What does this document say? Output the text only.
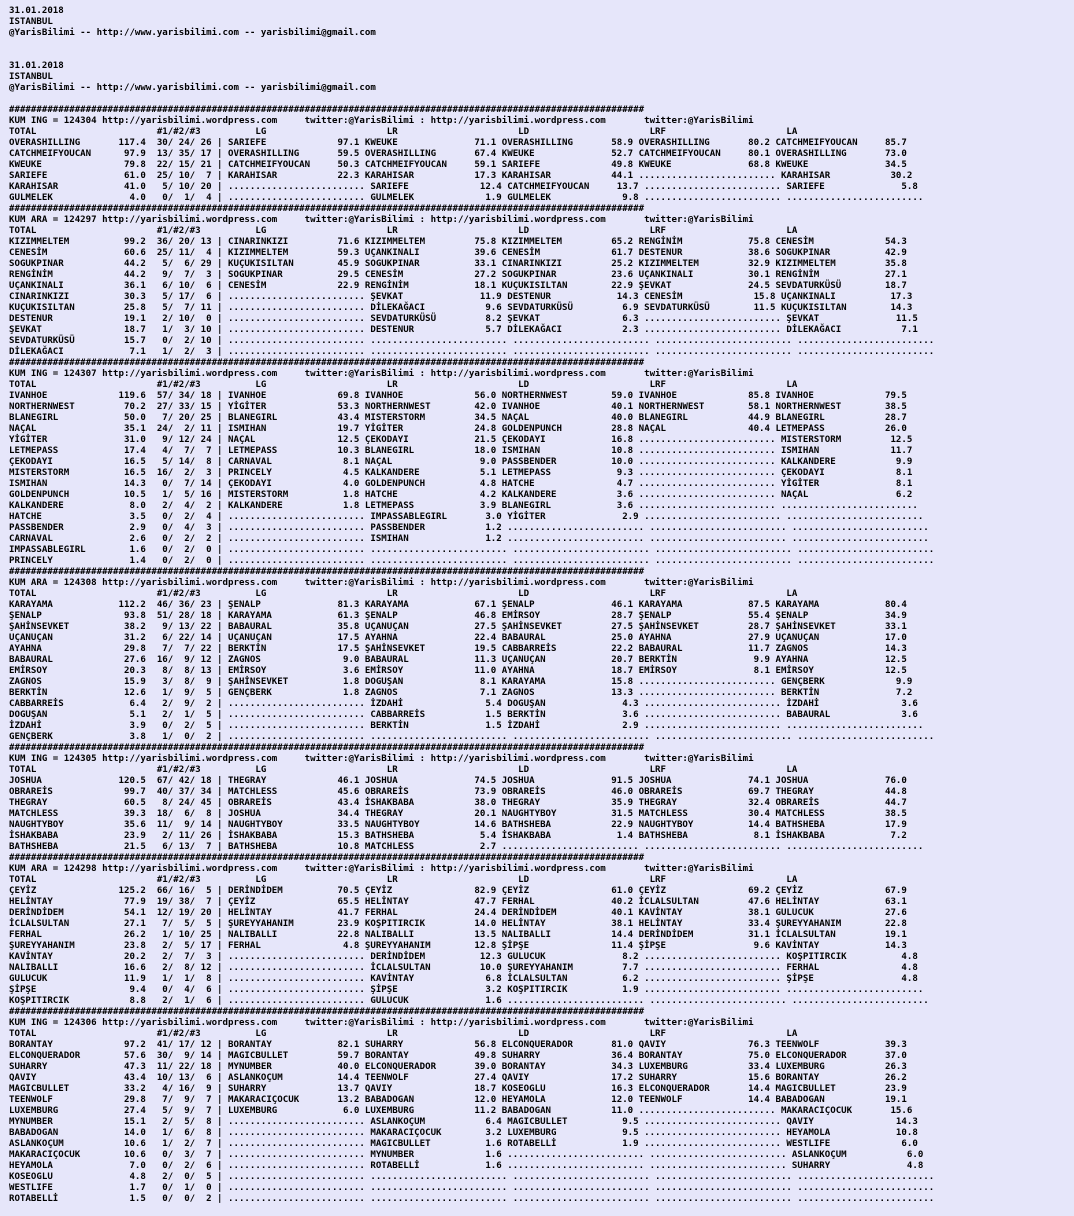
31.01.2018
ISTANBUL
@YarisBilimi -- http://www.yarisbilimi.com -- yarisbilimi@gmail.com

31.01.2018
ISTANBUL
@YarisBilimi -- http://www.yarisbilimi.com -- yarisbilimi@gmail.com

####################################################################################################################
KUM ING = 124304 http://yarisbilimi.wordpress.com     twitter:@YarisBilimi : http://yarisbilimi.wordpress.com       twitter:@YarisBilimi
TOTAL                      #1/#2/#3          LG                      LR                      LD                      LRF                      LA
OVERASHILLING       117.4  30/ 24/ 26 | SARIEFE             97.1 KWEUKE              71.1 OVERASHILLING       58.9 OVERASHILLING       80.2 CATCHMEIFYOUCAN     85.7
CATCHMEIFYOUCAN      97.9  13/ 35/ 17 | OVERASHILLING       59.5 OVERASHILLING       67.4 KWEUKE              52.7 CATCHMEIFYOUCAN     80.1 OVERASHILLING       73.0
KWEUKE               79.8  22/ 15/ 21 | CATCHMEIFYOUCAN     50.3 CATCHMEIFYOUCAN     59.1 SARIEFE             49.8 KWEUKE              68.8 KWEUKE              34.5
SARIEFE              61.0  25/ 10/  7 | KARAHISAR           22.3 KARAHISAR           17.3 KARAHISAR           44.1 ......................... KARAHISAR           30.2
KARAHISAR            41.0   5/ 10/ 20 | ......................... SARIEFE             12.4 CATCHMEIFYOUCAN     13.7 ......................... SARIEFE              5.8
GULMELEK              4.0   0/  1/  4 | ......................... GULMELEK             1.9 GULMELEK             9.8 ......................... .........................
####################################################################################################################
KUM ARA = 124297 http://yarisbilimi.wordpress.com     twitter:@YarisBilimi : http://yarisbilimi.wordpress.com       twitter:@YarisBilimi
TOTAL                      #1/#2/#3          LG                      LR                      LD                      LRF                      LA
KIZIMMELTEM          99.2  36/ 20/ 13 | CINARINKIZI         71.6 KIZIMMELTEM         75.8 KIZIMMELTEM         65.2 RENGİNİM            75.8 CENESİM             54.3
CENESİM              60.6  25/ 11/  4 | KIZIMMELTEM         59.3 UÇANKINALI          39.6 CENESİM             61.7 DESTENUR            38.6 SOGUKPINAR          42.9
SOGUKPINAR           44.2   5/  6/ 29 | KUÇUKISILTAN        45.9 SOGUKPINAR          33.1 CINARINKIZI         25.2 KIZIMMELTEM         32.9 KIZIMMELTEM         35.8
RENGİNİM             44.2   9/  7/  3 | SOGUKPINAR          29.5 CENESİM             27.2 SOGUKPINAR          23.6 UÇANKINALI          30.1 RENGİNİM            27.1
UÇANKINALI           36.1   6/ 10/  6 | CENESİM             22.9 RENGİNİM            18.1 KUÇUKISILTAN        22.9 ŞEVKAT              24.5 SEVDATURKÜSÜ        18.7
CINARINKIZI          30.3   5/ 17/  6 | ......................... ŞEVKAT              11.9 DESTENUR            14.3 CENESİM             15.8 UÇANKINALI          17.3
KUÇUKISILTAN         25.8   5/  7/ 11 | ......................... DİLEKAĞACI           9.6 SEVDATURKÜSÜ         6.9 SEVDATURKÜSÜ        11.5 KUÇUKISILTAN        14.3
DESTENUR             19.1   2/ 10/  0 | ......................... SEVDATURKÜSÜ         8.2 ŞEVKAT               6.3 ......................... ŞEVKAT              11.5
ŞEVKAT               18.7   1/  3/ 10 | ......................... DESTENUR             5.7 DİLEKAĞACI           2.3 ......................... DİLEKAĞACI           7.1
SEVDATURKÜSÜ         15.7   0/  2/ 10 | ......................... ......................... ......................... ......................... .........................
DİLEKAĞACI            7.1   1/  2/  3 | ......................... ......................... ......................... ......................... .........................
####################################################################################################################
KUM ING = 124307 http://yarisbilimi.wordpress.com     twitter:@YarisBilimi : http://yarisbilimi.wordpress.com       twitter:@YarisBilimi
TOTAL                      #1/#2/#3          LG                      LR                      LD                      LRF                      LA
IVANHOE             119.6  57/ 34/ 18 | IVANHOE             69.8 IVANHOE             56.0 NORTHERNWEST        59.0 IVANHOE             85.8 IVANHOE             79.5
NORTHERNWEST         70.2  27/ 33/ 15 | YİGİTER             53.3 NORTHERNWEST        42.0 IVANHOE             40.1 NORTHERNWEST        58.1 NORTHERNWEST        38.5
BLANEGIRL            50.0   7/ 20/ 25 | BLANEGIRL           43.4 MISTERSTORM         34.5 NAÇAL               40.0 BLANEGIRL           44.9 BLANEGIRL           28.7
NAÇAL                35.1  24/  2/ 11 | ISMIHAN             19.7 YİGİTER             24.8 GOLDENPUNCH         28.8 NAÇAL               40.4 LETMEPASS           26.0
YİGİTER              31.0   9/ 12/ 24 | NAÇAL               12.5 ÇEKODAYI            21.5 ÇEKODAYI            16.8 ......................... MISTERSTORM         12.5
LETMEPASS            17.4   4/  7/  7 | LETMEPASS           10.3 BLANEGIRL           18.0 ISMIHAN             10.8 ......................... ISMIHAN             11.7
ÇEKODAYI             16.5   5/ 14/  8 | CARNAVAL             8.1 NAÇAL                9.0 PASSBENDER          10.0 ......................... KALKANDERE           9.9
MISTERSTORM          16.5  16/  2/  3 | PRINCELY             4.5 KALKANDERE           5.1 LETMEPASS            9.3 ......................... ÇEKODAYI             8.1
ISMIHAN              14.3   0/  7/ 14 | ÇEKODAYI             4.0 GOLDENPUNCH          4.8 HATCHE               4.7 ......................... YİGİTER              8.1
GOLDENPUNCH          10.5   1/  5/ 16 | MISTERSTORM          1.8 HATCHE               4.2 KALKANDERE           3.6 ......................... NAÇAL                6.2
KALKANDERE            8.0   2/  4/  2 | KALKANDERE           1.8 LETMEPASS            3.9 BLANEGIRL            3.6 ......................... .........................
HATCHE                3.5   0/  2/  4 | ......................... IMPASSABLEGIRL       3.0 YİGİTER              2.9 ......................... .........................
PASSBENDER            2.9   0/  4/  3 | ......................... PASSBENDER           1.2 ......................... ......................... .........................
CARNAVAL              2.6   0/  2/  2 | ......................... ISMIHAN              1.2 ......................... ......................... .........................
IMPASSABLEGIRL        1.6   0/  2/  0 | ......................... ......................... ......................... ......................... .........................
PRINCELY              1.4   0/  2/  0 | ......................... ......................... ......................... ......................... .........................
####################################################################################################################
KUM ARA = 124308 http://yarisbilimi.wordpress.com     twitter:@YarisBilimi : http://yarisbilimi.wordpress.com       twitter:@YarisBilimi
TOTAL                      #1/#2/#3          LG                      LR                      LD                      LRF                      LA
KARAYAMA            112.2  46/ 36/ 23 | ŞENALP              81.3 KARAYAMA            67.1 ŞENALP              46.1 KARAYAMA            87.5 KARAYAMA            80.4
ŞENALP               93.8  51/ 28/ 18 | KARAYAMA            61.3 ŞENALP              46.8 EMİRSOY             28.7 ŞENALP              55.4 ŞENALP              34.9
ŞAHİNSEVKET          38.2   9/ 13/ 22 | BABAURAL            35.8 UÇANUÇAN            27.5 ŞAHİNSEVKET         27.5 ŞAHİNSEVKET         28.7 ŞAHİNSEVKET         33.1
UÇANUÇAN             31.2   6/ 22/ 14 | UÇANUÇAN            17.5 AYAHNA              22.4 BABAURAL            25.0 AYAHNA              27.9 UÇANUÇAN            17.0
AYAHNA               29.8   7/  7/ 22 | BERKTİN             17.5 ŞAHİNSEVKET         19.5 CABBARREİS          22.2 BABAURAL            11.7 ZAGNOS              14.3
BABAURAL             27.6  16/  9/ 12 | ZAGNOS               9.0 BABAURAL            11.3 UÇANUÇAN            20.7 BERKTİN              9.9 AYAHNA              12.5
EMİRSOY              20.3   8/  8/ 13 | EMİRSOY              3.6 EMİRSOY             11.0 AYAHNA              18.7 EMİRSOY              8.1 EMİRSOY             12.5
ZAGNOS               15.9   3/  8/  9 | ŞAHİNSEVKET          1.8 DOGUŞAN              8.1 KARAYAMA            15.8 ......................... GENÇBERK             9.9
BERKTİN              12.6   1/  9/  5 | GENÇBERK             1.8 ZAGNOS               7.1 ZAGNOS              13.3 ......................... BERKTİN              7.2
CABBARREİS            6.4   2/  9/  2 | ......................... İZDAHİ               5.4 DOGUŞAN              4.3 ......................... İZDAHİ               3.6
DOGUŞAN               5.1   2/  1/  5 | ......................... CABBARREİS           1.5 BERKTİN              3.6 ......................... BABAURAL             3.6
İZDAHİ                3.9   0/  2/  5 | ......................... BERKTİN              1.5 İZDAHİ               2.9 ......................... .........................
GENÇBERK              3.8   1/  0/  2 | ......................... ......................... ......................... ......................... .........................
####################################################################################################################
KUM ING = 124305 http://yarisbilimi.wordpress.com     twitter:@YarisBilimi : http://yarisbilimi.wordpress.com       twitter:@YarisBilimi
TOTAL                      #1/#2/#3          LG                      LR                      LD                      LRF                      LA
JOSHUA              120.5  67/ 42/ 18 | THEGRAY             46.1 JOSHUA              74.5 JOSHUA              91.5 JOSHUA              74.1 JOSHUA              76.0
OBRAREİS             99.7  40/ 37/ 34 | MATCHLESS           45.6 OBRAREİS            73.9 OBRAREİS            46.0 OBRAREİS            69.7 THEGRAY             44.8
THEGRAY              60.5   8/ 24/ 45 | OBRAREİS            43.4 İSHAKBABA           38.0 THEGRAY             35.9 THEGRAY             32.4 OBRAREİS            44.7
MATCHLESS            39.3  18/  6/  8 | JOSHUA              34.4 THEGRAY             20.1 NAUGHTYBOY          31.5 MATCHLESS           30.4 MATCHLESS           38.5
NAUGHTYBOY           35.6  11/  9/ 14 | NAUGHTYBOY          33.5 NAUGHTYBOY          14.6 BATHSHEBA           22.9 NAUGHTYBOY          14.4 BATHSHEBA           17.9
İSHAKBABA            23.9   2/ 11/ 26 | İSHAKBABA           15.3 BATHSHEBA            5.4 İSHAKBABA            1.4 BATHSHEBA            8.1 İSHAKBABA            7.2
BATHSHEBA            21.5   6/ 13/  7 | BATHSHEBA           10.8 MATCHLESS            2.7 ......................... ......................... .........................
####################################################################################################################
KUM ARA = 124298 http://yarisbilimi.wordpress.com     twitter:@YarisBilimi : http://yarisbilimi.wordpress.com       twitter:@YarisBilimi
TOTAL                      #1/#2/#3          LG                      LR                      LD                      LRF                      LA
ÇEYİZ               125.2  66/ 16/  5 | DERİNDİDEM          70.5 ÇEYİZ               82.9 ÇEYİZ               61.0 ÇEYİZ               69.2 ÇEYİZ               67.9
HELİNTAY             77.9  19/ 38/  7 | ÇEYİZ               65.5 HELİNTAY            47.7 FERHAL              40.2 İCLALSULTAN         47.6 HELİNTAY            63.1
DERİNDİDEM           54.1  12/ 19/ 20 | HELİNTAY            41.7 FERHAL              24.4 DERİNDİDEM          40.1 KAVİNTAY            38.1 GULUCUK             27.6
İCLALSULTAN          27.1   7/  5/  5 | ŞUREYYAHANIM        23.9 KOŞPITIRCIK         14.0 HELİNTAY            38.1 HELİNTAY            33.4 ŞUREYYAHANIM        22.8
FERHAL               26.2   1/ 10/ 25 | NALIBALLI           22.8 NALIBALLI           13.5 NALIBALLI           14.4 DERİNDİDEM          31.1 İCLALSULTAN         19.1
ŞUREYYAHANIM         23.8   2/  5/ 17 | FERHAL               4.8 ŞUREYYAHANIM        12.8 ŞİPŞE               11.4 ŞİPŞE                9.6 KAVİNTAY            14.3
KAVİNTAY             20.2   2/  7/  3 | ......................... DERİNDİDEM          12.3 GULUCUK              8.2 ......................... KOŞPITIRCIK          4.8
NALIBALLI            16.6   2/  8/ 12 | ......................... İCLALSULTAN         10.0 ŞUREYYAHANIM         7.7 ......................... FERHAL               4.8
GULUCUK              11.9   1/  1/  8 | ......................... KAVİNTAY             6.8 İCLALSULTAN          6.2 ......................... ŞİPŞE                4.8
ŞİPŞE                 9.4   0/  4/  6 | ......................... ŞİPŞE                3.2 KOŞPITIRCIK          1.9 ......................... .........................
KOŞPITIRCIK           8.8   2/  1/  6 | ......................... GULUCUK              1.6 ......................... ......................... .........................
####################################################################################################################
KUM ING = 124306 http://yarisbilimi.wordpress.com     twitter:@YarisBilimi : http://yarisbilimi.wordpress.com       twitter:@YarisBilimi
TOTAL                      #1/#2/#3          LG                      LR                      LD                      LRF                      LA
BORANTAY             97.2  41/ 17/ 12 | BORANTAY            82.1 SUHARRY             56.8 ELCONQUERADOR       81.0 QAVIY               76.3 TEENWOLF            39.3
ELCONQUERADOR        57.6  30/  9/ 14 | MAGICBULLET         59.7 BORANTAY            49.8 SUHARRY             36.4 BORANTAY            75.0 ELCONQUERADOR       37.0
SUHARRY              47.3  11/ 22/ 18 | MYNUMBER            40.0 ELCONQUERADOR       39.0 BORANTAY            34.3 LUXEMBURG           33.4 LUXEMBURG           26.3
QAVIY                43.4  10/ 13/  6 | ASLANKOÇUM          14.4 TEENWOLF            27.4 QAVIY               17.2 SUHARRY             15.6 BORANTAY            26.2
MAGICBULLET          33.2   4/ 16/  9 | SUHARRY             13.7 QAVIY               18.7 KOSEOGLU            16.3 ELCONQUERADOR       14.4 MAGICBULLET         23.9
TEENWOLF             29.8   7/  9/  7 | MAKARACIÇOCUK       13.2 BABADOGAN           12.0 HEYAMOLA            12.0 TEENWOLF            14.4 BABADOGAN           19.1
LUXEMBURG            27.4   5/  9/  7 | LUXEMBURG            6.0 LUXEMBURG           11.2 BABADOGAN           11.0 ......................... MAKARACIÇOCUK       15.6
MYNUMBER             15.1   2/  5/  8 | ......................... ASLANKOÇUM           6.4 MAGICBULLET          9.5 ......................... QAVIY               14.3
BABADOGAN            14.0   1/  6/  8 | ......................... MAKARACIÇOCUK        3.2 LUXEMBURG            9.5 ......................... HEYAMOLA            10.8
ASLANKOÇUM           10.6   1/  2/  7 | ......................... MAGICBULLET          1.6 ROTABELLİ            1.9 ......................... WESTLIFE             6.0
MAKARACIÇOCUK        10.6   0/  3/  7 | ......................... MYNUMBER             1.6 ......................... ......................... ASLANKOÇUM           6.0
HEYAMOLA              7.0   0/  2/  6 | ......................... ROTABELLİ            1.6 ......................... ......................... SUHARRY              4.8
KOSEOGLU              4.8   2/  0/  5 | ......................... ......................... ......................... ......................... .........................
WESTLIFE              1.7   0/  1/  0 | ......................... ......................... ......................... ......................... .........................
ROTABELLİ             1.5   0/  0/  2 | ......................... ......................... ......................... ......................... .........................
